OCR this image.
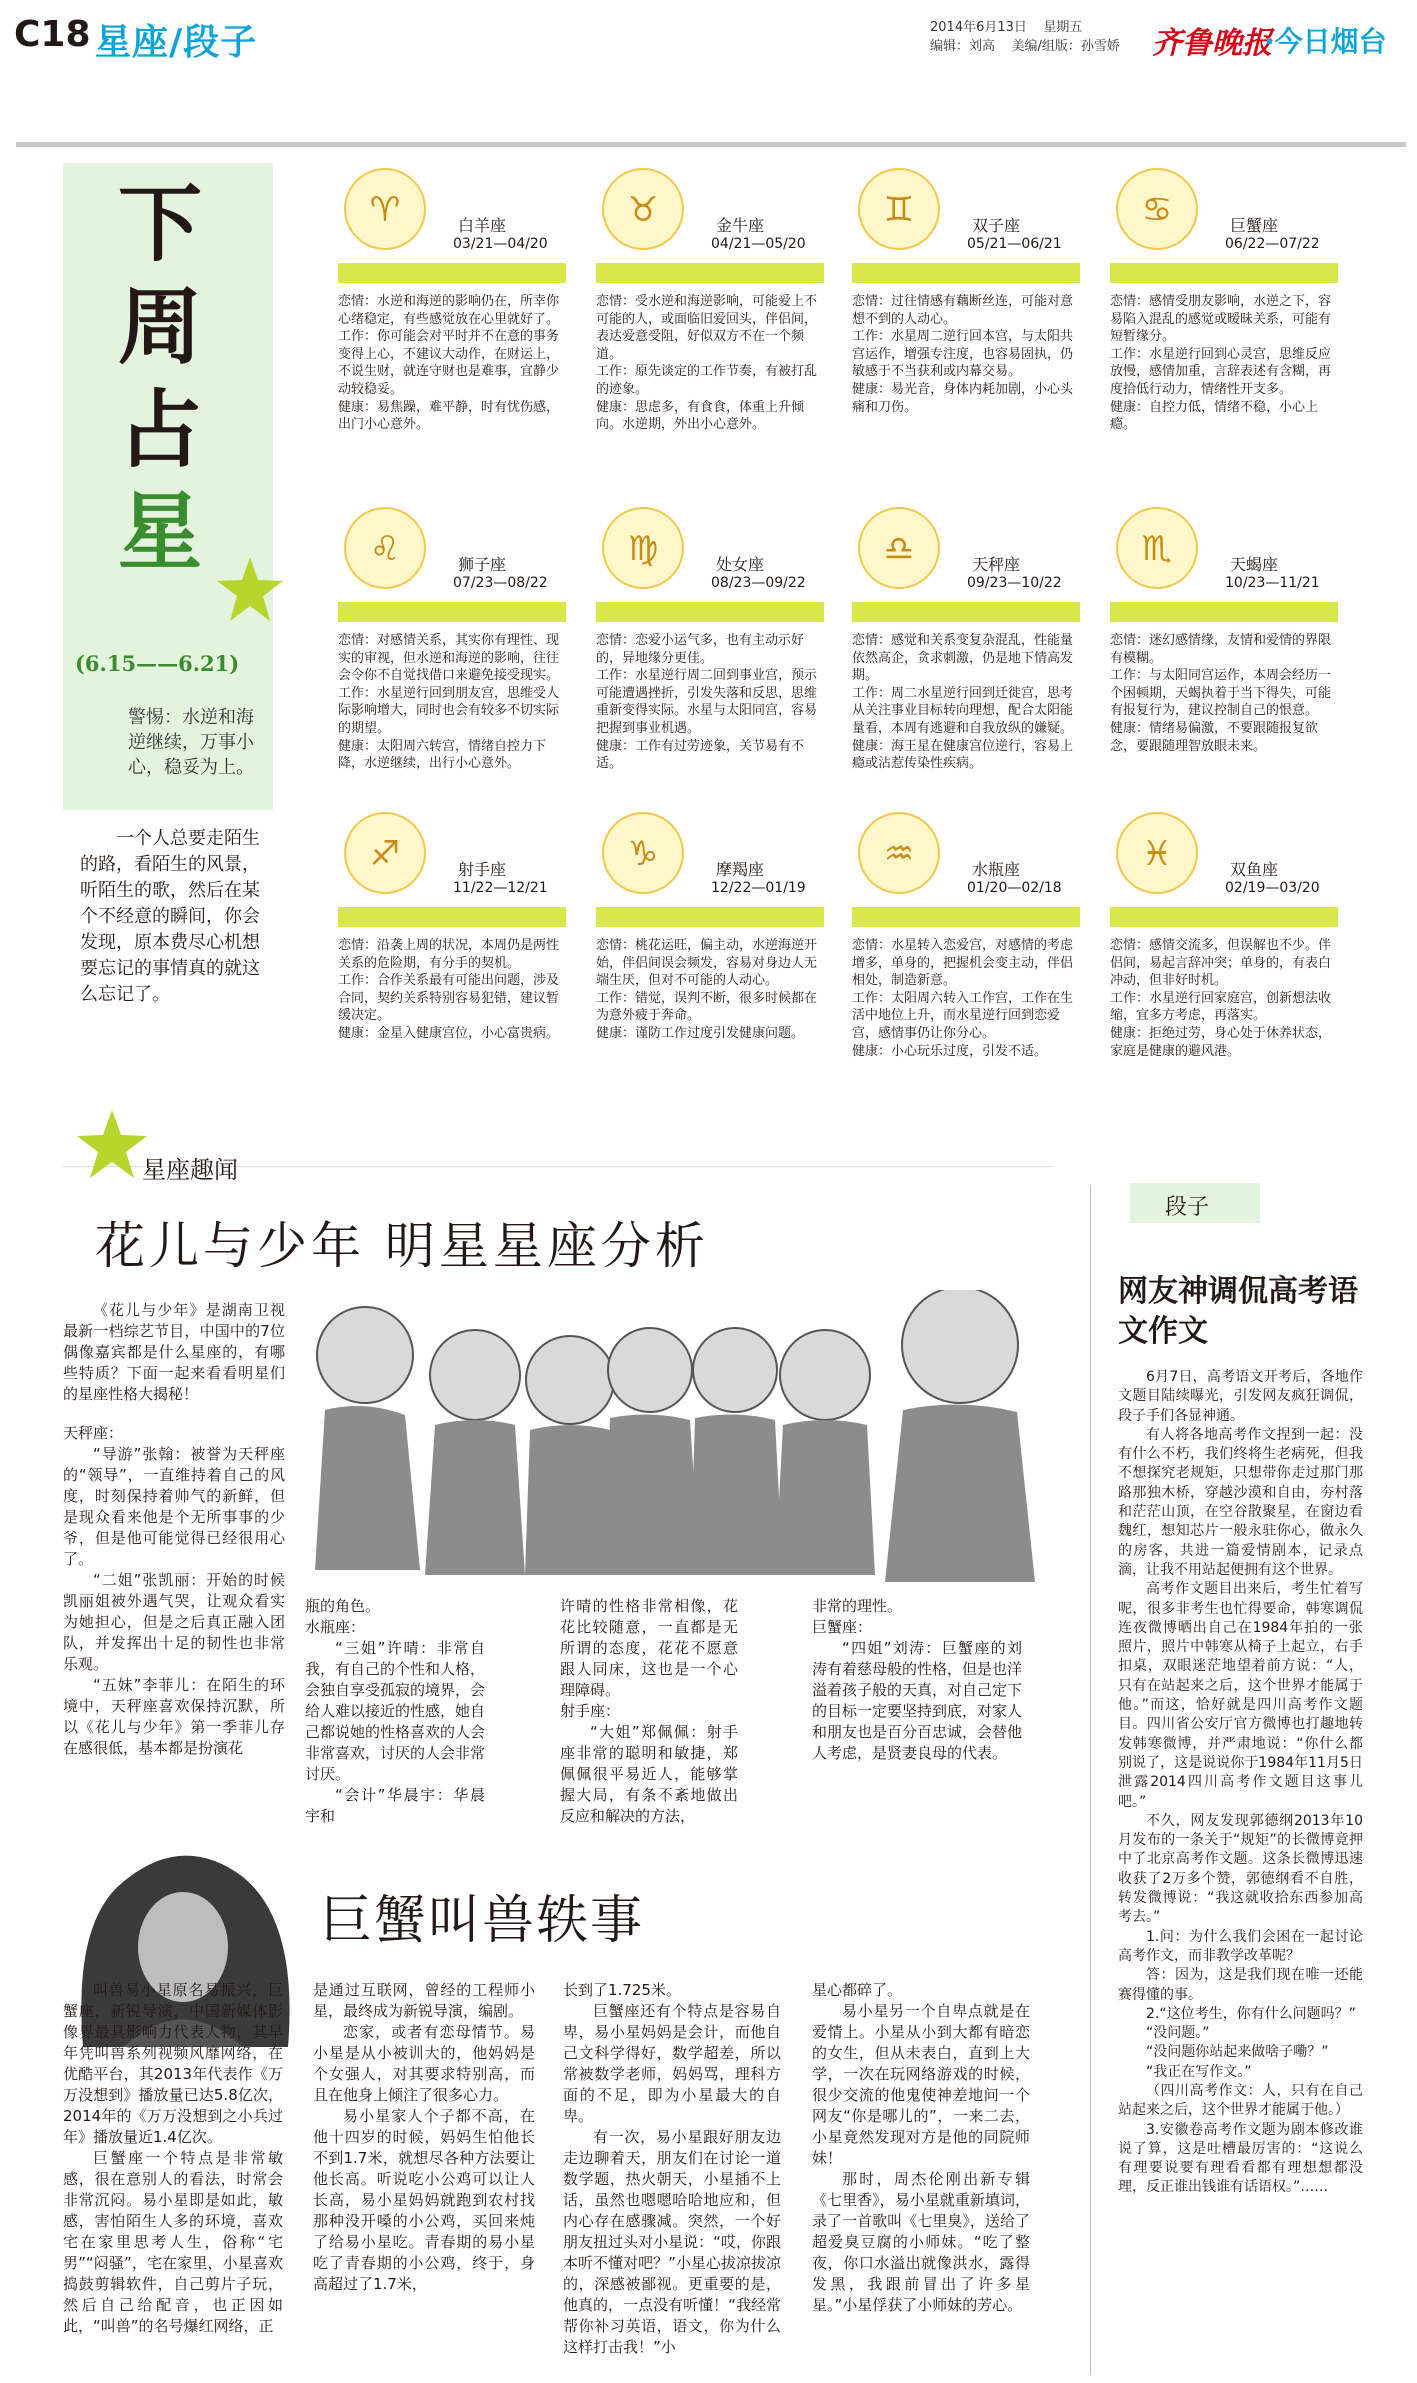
C18 星座/段子	2014年6月13日    星期五
编辑：刘高    美编/组版：孙雪娇 齐鲁晚报
·今日烟台
下
周
占
星
(6.15——6.21)
警惕：水逆和海逆继续，万事小心，稳妥为上。
一个人总要走陌生的路，看陌生的风景，听陌生的歌，然后在某个不经意的瞬间，你会发现，原本费尽心机想要忘记的事情真的就这么忘记了。
♈	白羊座
03/21—04/20
恋情：水逆和海逆的影响仍在，所幸你心绪稳定，有些感觉放在心里就好了。
工作：你可能会对平时并不在意的事务变得上心，不建议大动作，在财运上，不说生财，就连守财也是难事，宜静少动较稳妥。
健康：易焦躁，难平静，时有忧伤感，出门小心意外。
♉	金牛座
04/21—05/20
恋情：受水逆和海逆影响，可能爱上不可能的人，或面临旧爱回头，伴侣间，表达爱意受阻，好似双方不在一个频道。
工作：原先谈定的工作节奏，有被打乱的迹象。
健康：思虑多，有食食，体重上升倾向。水逆期，外出小心意外。
♊	双子座
05/21—06/21
恋情：过往情感有藕断丝连，可能对意想不到的人动心。
工作：水星周二逆行回本宫，与太阳共宫运作，增强专注度，也容易固执，仍敏感于不当获利或内幕交易。
健康：易光音，身体内耗加剧，小心头痛和刀伤。
♋	巨蟹座
06/22—07/22
恋情：感情受朋友影响，水逆之下，容易陷入混乱的感觉或暧昧关系，可能有短暂缘分。
工作：水星逆行回到心灵宫，思维反应放慢，感情加重，言辞表述有含糊，再度拾低行动力，情绪性开支多。
健康：自控力低，情绪不稳，小心上瘾。
♌	狮子座
07/23—08/22
恋情：对感情关系，其实你有理性、现实的审视，但水逆和海逆的影响，往往会令你不自觉找借口来避免接受现实。
工作：水星逆行回到朋友宫，思维受人际影响增大，同时也会有较多不切实际的期望。
健康：太阳周六转宫，情绪自控力下降，水逆继续，出行小心意外。
♍	处女座
08/23—09/22
恋情：恋爱小运气多，也有主动示好的，异地缘分更佳。
工作：水星逆行周二回到事业宫，预示可能遭遇挫折，引发失落和反思，思维重新变得实际。水星与太阳同宫，容易把握到事业机遇。
健康：工作有过劳迹象，关节易有不适。
♎	天秤座
09/23—10/22
恋情：感觉和关系变复杂混乱，性能量依然高企，贪求刺激，仍是地下情高发期。
工作：周二水星逆行回到迁徙宫，思考从关注事业目标转向理想，配合太阳能量看，本周有逃避和自我放纵的嫌疑。
健康：海王星在健康宫位逆行，容易上瘾或沾惹传染性疾病。
♏	天蝎座
10/23—11/21
恋情：迷幻感情缘，友情和爱情的界限有模糊。
工作：与太阳同宫运作，本周会经历一个困顿期，天蝎执着于当下得失，可能有报复行为，建议控制自己的恨意。
健康：情绪易偏激，不要跟随报复欲念，要跟随理智放眼未来。
♐	射手座
11/22—12/21
恋情：沿袭上周的状况，本周仍是两性关系的危险期，有分手的契机。
工作：合作关系最有可能出问题，涉及合同，契约关系特别容易犯错，建议暂缓决定。
健康：金星入健康宫位，小心富贵病。
♑	摩羯座
12/22—01/19
恋情：桃花运旺，偏主动，水逆海逆开始，伴侣间误会频发，容易对身边人无端生厌，但对不可能的人动心。
工作：错觉，误判不断，很多时候都在为意外疲于奔命。
健康：谨防工作过度引发健康问题。
♒	水瓶座
01/20—02/18
恋情：水星转入恋爱宫，对感情的考虑增多，单身的，把握机会变主动，伴侣相处，制造新意。
工作：太阳周六转入工作宫，工作在生活中地位上升，而水星逆行回到恋爱宫，感情事仍让你分心。
健康：小心玩乐过度，引发不适。
♓	双鱼座
02/19—03/20
恋情：感情交流多，但误解也不少。伴侣间，易起言辞冲突；单身的，有表白冲动，但非好时机。
工作：水星逆行回家庭宫，创新想法收缩，宜多方考虑，再落实。
健康：拒绝过劳，身心处于休养状态，家庭是健康的避风港。
星座趣闻
花儿与少年 明星星座分析

《花儿与少年》是湖南卫视最新一档综艺节目，中国中的7位偶像嘉宾都是什么星座的，有哪些特质？下面一起来看看明星们的星座性格大揭秘！

天秤座：

“导游”张翰：被誉为天秤座的“领导”，一直维持着自己的风度，时刻保持着帅气的新鲜，但是现众看来他是个无所事事的少爷，但是他可能觉得已经很用心了。

“二姐”张凯丽：开始的时候凯丽姐被外遇气哭，让观众看实为她担心，但是之后真正融入团队，并发挥出十足的韧性也非常乐观。

“五妹”李菲儿：在陌生的环境中，天秤座喜欢保持沉默，所以《花儿与少年》第一季菲儿存在感很低，基本都是扮演花

瓶的角色。

水瓶座：

“三姐”许晴：非常自我，有自己的个性和人格，会独自享受孤寂的境界，会给人难以接近的性感，她自己都说她的性格喜欢的人会非常喜欢，讨厌的人会非常讨厌。

“会计”华晨宇：华晨宇和

许晴的性格非常相像，花花比较随意，一直都是无所谓的态度，花花不愿意跟人同床，这也是一个心理障碍。

射手座：

“大姐”郑佩佩：射手座非常的聪明和敏捷，郑佩佩很平易近人，能够掌握大局，有条不紊地做出反应和解决的方法，

非常的理性。

巨蟹座：

“四姐”刘涛：巨蟹座的刘涛有着慈母般的性格，但是也洋溢着孩子般的天真，对自己定下的目标一定要坚持到底，对家人和朋友也是百分百忠诚，会替他人考虑，是贤妻良母的代表。

巨蟹叫兽轶事

叫兽易小星原名易振兴，巨蟹座，新锐导演，中国新媒体影像界最具影响力代表人物，其早年凭叫兽系列视频风靡网络，在优酷平台，其2013年代表作《万万没想到》播放量已达5.8亿次，2014年的《万万没想到之小兵过年》播放量近1.4亿次。

巨蟹座一个特点是非常敏感，很在意别人的看法，时常会非常沉闷。易小星即是如此，敏感，害怕陌生人多的环境，喜欢宅在家里思考人生，俗称“宅男”“闷骚”，宅在家里，小星喜欢捣鼓剪辑软件，自己剪片子玩，然后自己给配音，也正因如此，“叫兽”的名号爆红网络，正

是通过互联网，曾经的工程师小星，最终成为新锐导演，编剧。

恋家，或者有恋母情节。易小星是从小被训大的，他妈妈是个女强人，对其要求特别高，而且在他身上倾注了很多心力。

易小星家人个子都不高，在他十四岁的时候，妈妈生怕他长不到1.7米，就想尽各种方法要让他长高。听说吃小公鸡可以让人长高，易小星妈妈就跑到农村找那种没开嗓的小公鸡，买回来炖了给易小星吃。青春期的易小星吃了青春期的小公鸡，终于，身高超过了1.7米，

长到了1.725米。

巨蟹座还有个特点是容易自卑，易小星妈妈是会计，而他自己文科学得好，数学超差，所以常被数学老师，妈妈骂，理科方面的不足，即为小星最大的自卑。

有一次，易小星跟好朋友边走边聊着天，朋友们在讨论一道数学题，热火朝天，小星插不上话，虽然也嗯嗯哈哈地应和，但内心存在感骤减。突然，一个好朋友扭过头对小星说：“哎，你跟本听不懂对吧？”小星心拔凉拔凉的，深感被鄙视。更重要的是，他真的，一点没有听懂！“我经常帮你补习英语，语文，你为什么这样打击我！”小

星心都碎了。

易小星另一个自卑点就是在爱情上。小星从小到大都有暗恋的女生，但从未表白，直到上大学，一次在玩网络游戏的时候，很少交流的他鬼使神差地问一个网友“你是哪儿的”，一来二去，小星竟然发现对方是他的同院师妹！

那时，周杰伦刚出新专辑《七里香》，易小星就重新填词，录了一首歌叫《七里臭》，送给了超爱臭豆腐的小师妹。“吃了整夜，你口水溢出就像洪水，露得发黑，我跟前冒出了许多星星。”小星俘获了小师妹的芳心。

段子
网友神调侃高考语文作文

6月7日，高考语文开考后，各地作文题目陆续曝光，引发网友疯狂调侃，段子手们各显神通。

有人将各地高考作文捏到一起：没有什么不朽，我们终将生老病死，但我不想探究老规矩，只想带你走过那门那路那独木桥，穿越沙漠和自由，夯村落和茫茫山顶，在空谷散聚星，在窗边看魏红，想知芯片一般永驻你心，做永久的房客，共进一篇爱情剧本，记录点滴，让我不用站起便拥有这个世界。

高考作文题目出来后，考生忙着写呢，很多非考生也忙得要命，韩寒调侃连夜微博晒出自己在1984年拍的一张照片，照片中韩寒从椅子上起立，右手扣桌，双眼迷茫地望着前方说：“人，只有在站起来之后，这个世界才能属于他。”而这，恰好就是四川高考作文题目。四川省公安厅官方微博也打趣地转发韩寒微博，并严肃地说：“你什么都别说了，这是说说你于1984年11月5日泄露2014四川高考作文题目这事儿吧。”

不久，网友发现郭德纲2013年10月发布的一条关于“规矩”的长微博竟押中了北京高考作文题。这条长微博迅速收获了2万多个赞，郭德纲看不自胜，转发微博说：“我这就收拾东西参加高考去。”

1.问：为什么我们会困在一起讨论高考作文，而非教学改革呢？

答：因为，这是我们现在唯一还能赛得懂的事。

2.“这位考生，你有什么问题吗？”

“没问题。”

“没问题你站起来做啥子嘞？”

“我正在写作文。”

（四川高考作文：人，只有在自己站起来之后，这个世界才能属于他。）

3.安徽卷高考作文题为剧本修改谁说了算，这是吐槽最厉害的：“这说么有理要说要有理看看都有理想想都没理，反正谁出钱谁有话语权。”……
